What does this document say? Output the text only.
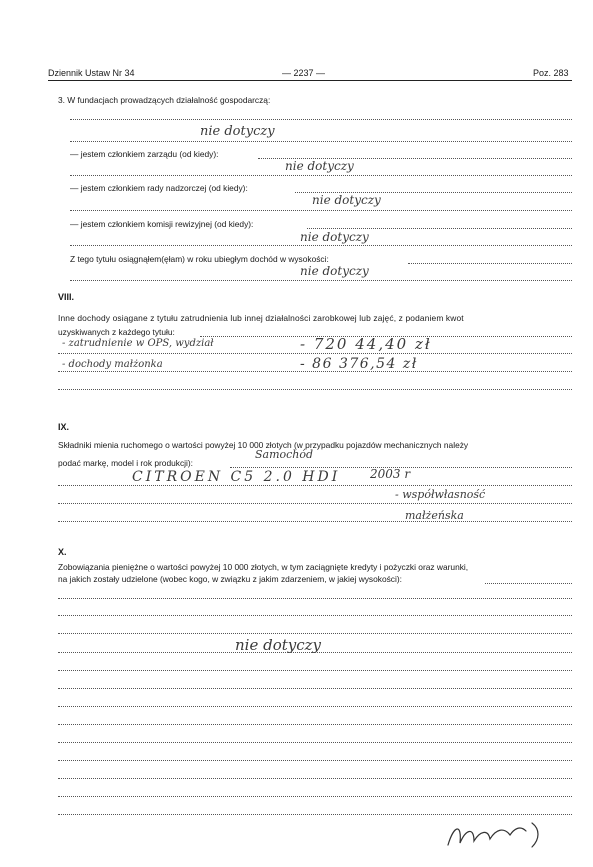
Dziennik Ustaw Nr 34	— 2237 —	Poz. 283
3. W fundacjach prowadzących działalność gospodarczą:
nie dotyczy
— jestem członkiem zarządu (od kiedy):
nie dotyczy
— jestem członkiem rady nadzorczej (od kiedy):
nie dotyczy
— jestem członkiem komisji rewizyjnej (od kiedy):
nie dotyczy
Z tego tytułu osiągnąłem(ęłam) w roku ubiegłym dochód w wysokości:
nie dotyczy
VIII.
Inne dochody osiągane z tytułu zatrudnienia lub innej działalności zarobkowej lub zajęć, z podaniem kwot
uzyskiwanych z każdego tytułu:
- zatrudnienie w OPS, wydział	- 720 44,40 zł
- dochody małżonka	- 86 376,54 zł
IX.
Składniki mienia ruchomego o wartości powyżej 10 000 złotych (w przypadku pojazdów mechanicznych należy
podać markę, model i rok produkcji):
Samochód
CITROEN C5 2.0 HDI 2003 r
- współwłasność
małżeńska
X.
Zobowiązania pieniężne o wartości powyżej 10 000 złotych, w tym zaciągnięte kredyty i pożyczki oraz warunki,
na jakich zostały udzielone (wobec kogo, w związku z jakim zdarzeniem, w jakiej wysokości):
nie dotyczy
